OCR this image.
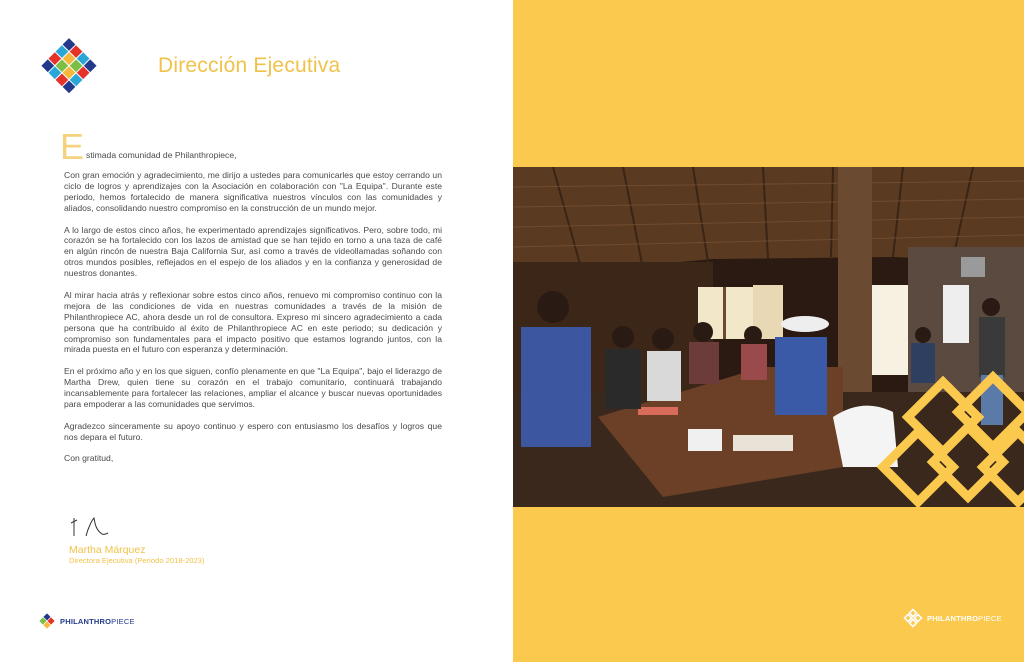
Dirección Ejecutiva
E stimada comunidad de Philanthropiece,

Con gran emoción y agradecimiento, me dirijo a ustedes para comunicarles que estoy cerrando un ciclo de logros y aprendizajes con la Asociación en colaboración con "La Equipa". Durante este periodo, hemos fortalecido de manera significativa nuestros vínculos con las comunidades y aliados, consolidando nuestro compromiso en la construcción de un mundo mejor.

A lo largo de estos cinco años, he experimentado aprendizajes significativos. Pero, sobre todo, mi corazón se ha fortalecido con los lazos de amistad que se han tejido en torno a una taza de café en algún rincón de nuestra Baja California Sur, así como a través de videollamadas soñando con otros mundos posibles, reflejados en el espejo de los aliados y en la confianza y generosidad de nuestros donantes.

Al mirar hacia atrás y reflexionar sobre estos cinco años, renuevo mi compromiso continuo con la mejora de las condiciones de vida en nuestras comunidades a través de la misión de Philanthropiece AC, ahora desde un rol de consultora. Expreso mi sincero agradecimiento a cada persona que ha contribuido al éxito de Philanthropiece AC en este periodo; su dedicación y compromiso son fundamentales para el impacto positivo que estamos logrando juntos, con la mirada puesta en el futuro con esperanza y determinación.

En el próximo año y en los que siguen, confío plenamente en que "La Equipa", bajo el liderazgo de Martha Drew, quien tiene su corazón en el trabajo comunitario, continuará trabajando incansablemente para fortalecer las relaciones, ampliar el alcance y buscar nuevas oportunidades para empoderar a las comunidades que servimos.

Agradezco sinceramente su apoyo continuo y espero con entusiasmo los desafíos y logros que nos depara el futuro.

Con gratitud,

Martha Márquez
Directora Ejecutiva (Periodo 2018-2023)
PHILANTHROPIECE	PHILANTHROPIECE
